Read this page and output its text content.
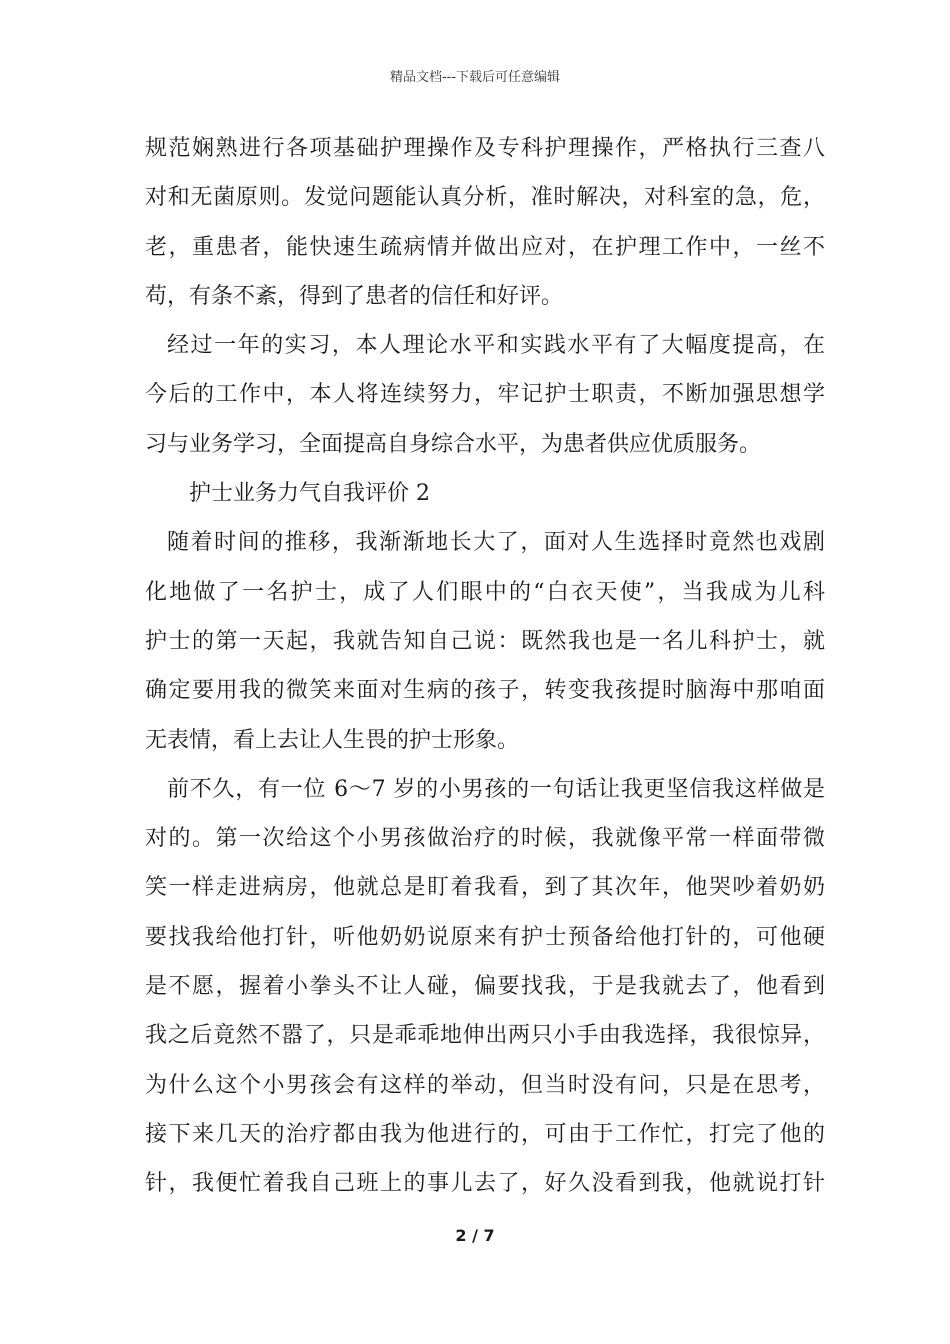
精品文档---下载后可任意编辑
规范娴熟进行各项基础护理操作及专科护理操作，严格执行三查八
对和无菌原则。发觉问题能认真分析，准时解决，对科室的急，危，
老，重患者，能快速生疏病情并做出应对，在护理工作中，一丝不
苟，有条不紊，得到了患者的信任和好评。
经过一年的实习，本人理论水平和实践水平有了大幅度提高，在
今后的工作中，本人将连续努力，牢记护士职责，不断加强思想学
习与业务学习，全面提高自身综合水平，为患者供应优质服务。
护士业务力气自我评价 2
随着时间的推移，我渐渐地长大了，面对人生选择时竟然也戏剧
化地做了一名护士，成了人们眼中的“白衣天使”，当我成为儿科
护士的第一天起，我就告知自己说：既然我也是一名儿科护士，就
确定要用我的微笑来面对生病的孩子，转变我孩提时脑海中那咱面
无表情，看上去让人生畏的护士形象。
前不久，有一位 6～7 岁的小男孩的一句话让我更坚信我这样做是
对的。第一次给这个小男孩做治疗的时候，我就像平常一样面带微
笑一样走进病房，他就总是盯着我看，到了其次年，他哭吵着奶奶
要找我给他打针，听他奶奶说原来有护士预备给他打针的，可他硬
是不愿，握着小拳头不让人碰，偏要找我，于是我就去了，他看到
我之后竟然不嚣了，只是乖乖地伸出两只小手由我选择，我很惊异，
为什么这个小男孩会有这样的举动，但当时没有问，只是在思考，
接下来几天的治疗都由我为他进行的，可由于工作忙，打完了他的
针，我便忙着我自己班上的事儿去了，好久没看到我，他就说打针
2 / 7
